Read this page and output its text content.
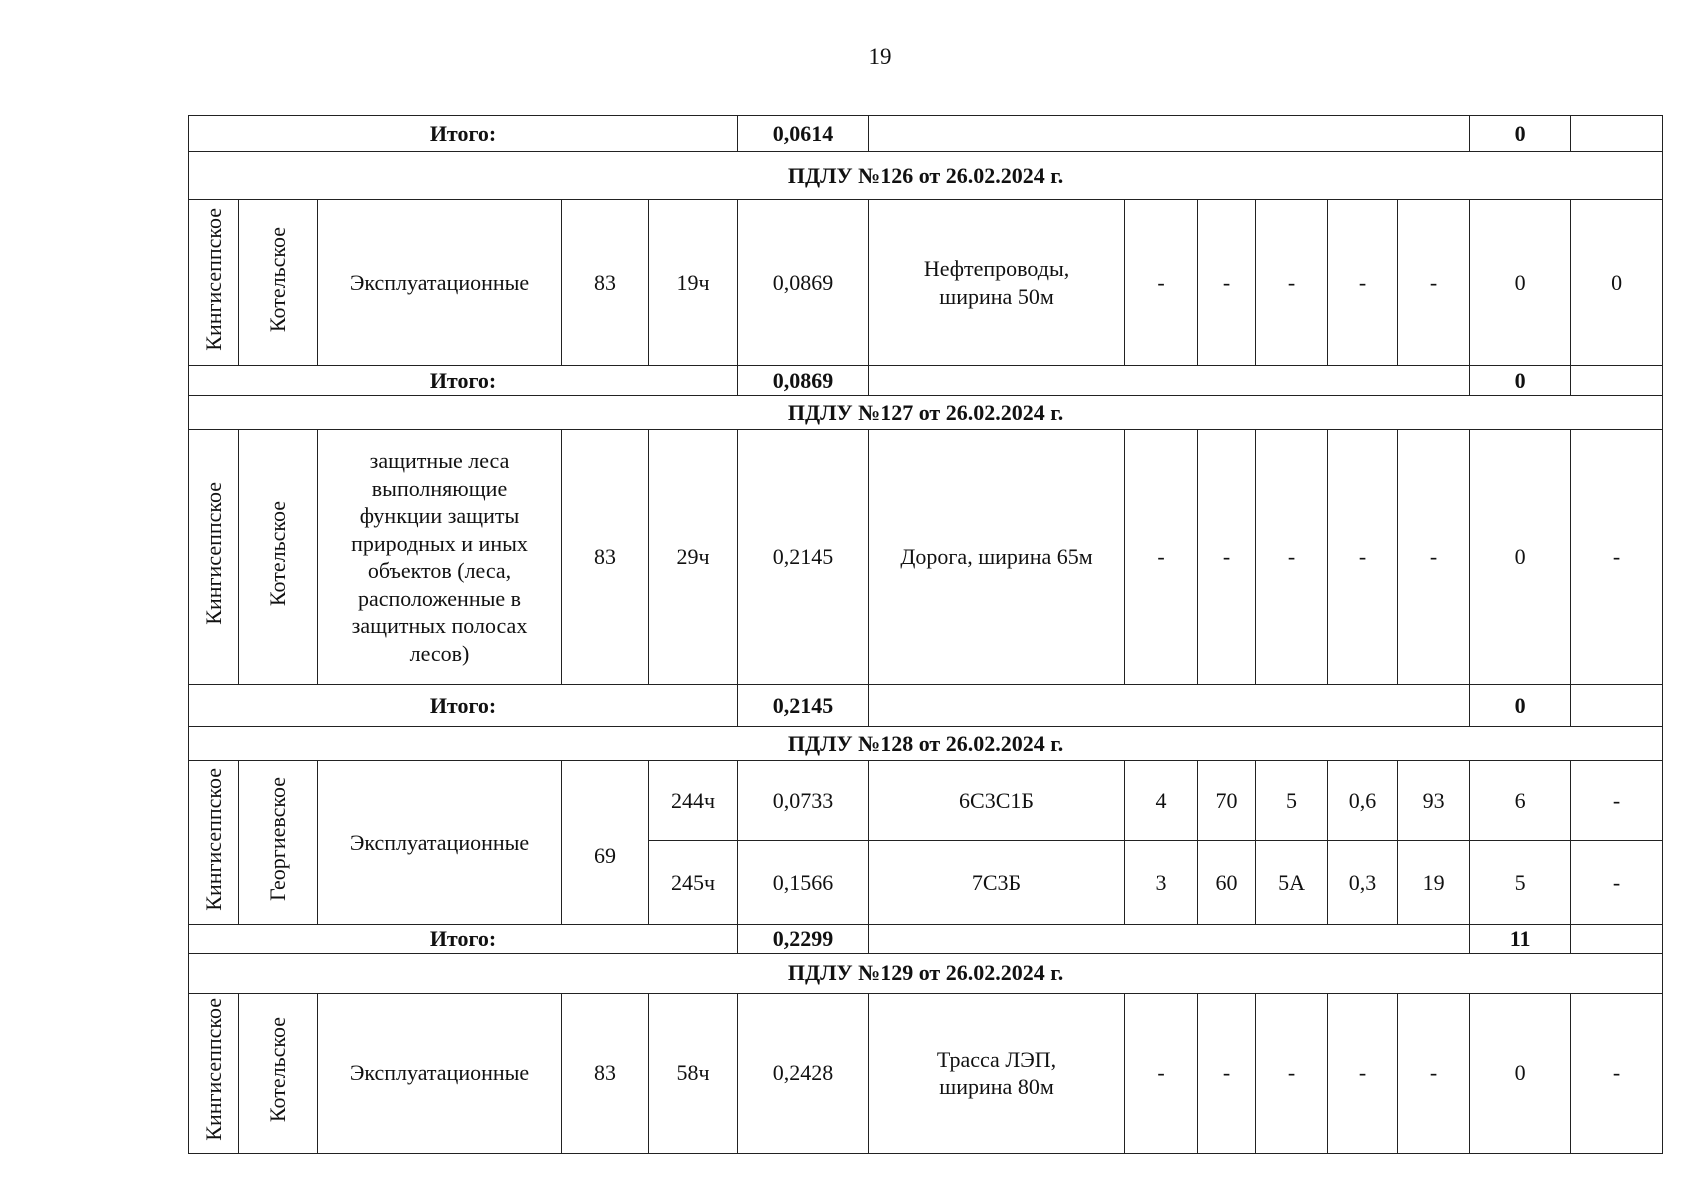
19
Итого:					0,0614							0	
ПДЛУ №126 от 26.02.2024 г.													
Кингисеппское	Котельское	Эксплуатационные	83	19ч	0,0869	Нефтепроводы, ширина 50м	-	-	-	-	-	0	0
Итого:					0,0869							0	
ПДЛУ №127 от 26.02.2024 г.													
Кингисеппское	Котельское	защитные леса выполняющие функции защиты природных и иных объектов (леса, расположенные в защитных полосах лесов)	83	29ч	0,2145	Дорога, ширина 65м	-	-	-	-	-	0	-
Итого:					0,2145							0	
ПДЛУ №128 от 26.02.2024 г.													
Кингисеппское	Георгиевское	Эксплуатационные	69	244ч	0,0733	6С3С1Б	4	70	5	0,6	93	6	-
				245ч	0,1566	7С3Б	3	60	5А	0,3	19	5	-
Итого:					0,2299							11	
ПДЛУ №129 от 26.02.2024 г.													
Кингисеппское	Котельское	Эксплуатационные	83	58ч	0,2428	Трасса ЛЭП, ширина 80м	-	-	-	-	-	0	-
